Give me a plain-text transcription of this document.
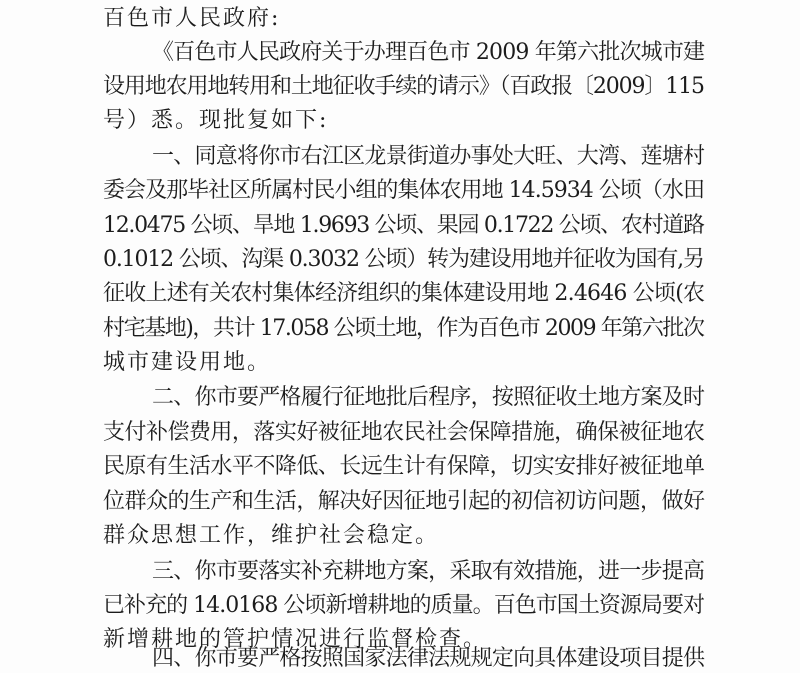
百色市人民政府:
《百色市人民政府关于办理百色市 2009 年第六批次城市建
设用地农用地转用和土地征收手续的请示》（百政报〔2009〕115
号）悉。现批复如下:
一、同意将你市右江区龙景街道办事处大旺、大湾、莲塘村
委会及那毕社区所属村民小组的集体农用地 14.5934 公顷（水田
12.0475 公顷、旱地 1.9693 公顷、果园 0.1722 公顷、农村道路
0.1012 公顷、沟渠 0.3032 公顷）转为建设用地并征收为国有,另
征收上述有关农村集体经济组织的集体建设用地 2.4646 公顷(农
村宅基地)，共计 17.058 公顷土地，作为百色市 2009 年第六批次
城市建设用地。
二、你市要严格履行征地批后程序，按照征收土地方案及时
支付补偿费用，落实好被征地农民社会保障措施，确保被征地农
民原有生活水平不降低、长远生计有保障，切实安排好被征地单
位群众的生产和生活，解决好因征地引起的初信初访问题，做好
群众思想工作，维护社会稳定。
三、你市要落实补充耕地方案，采取有效措施，进一步提高
已补充的 14.0168 公顷新增耕地的质量。百色市国土资源局要对
新增耕地的管护情况进行监督检查。
四、你市要严格按照国家法律法规规定向具体建设项目提供
